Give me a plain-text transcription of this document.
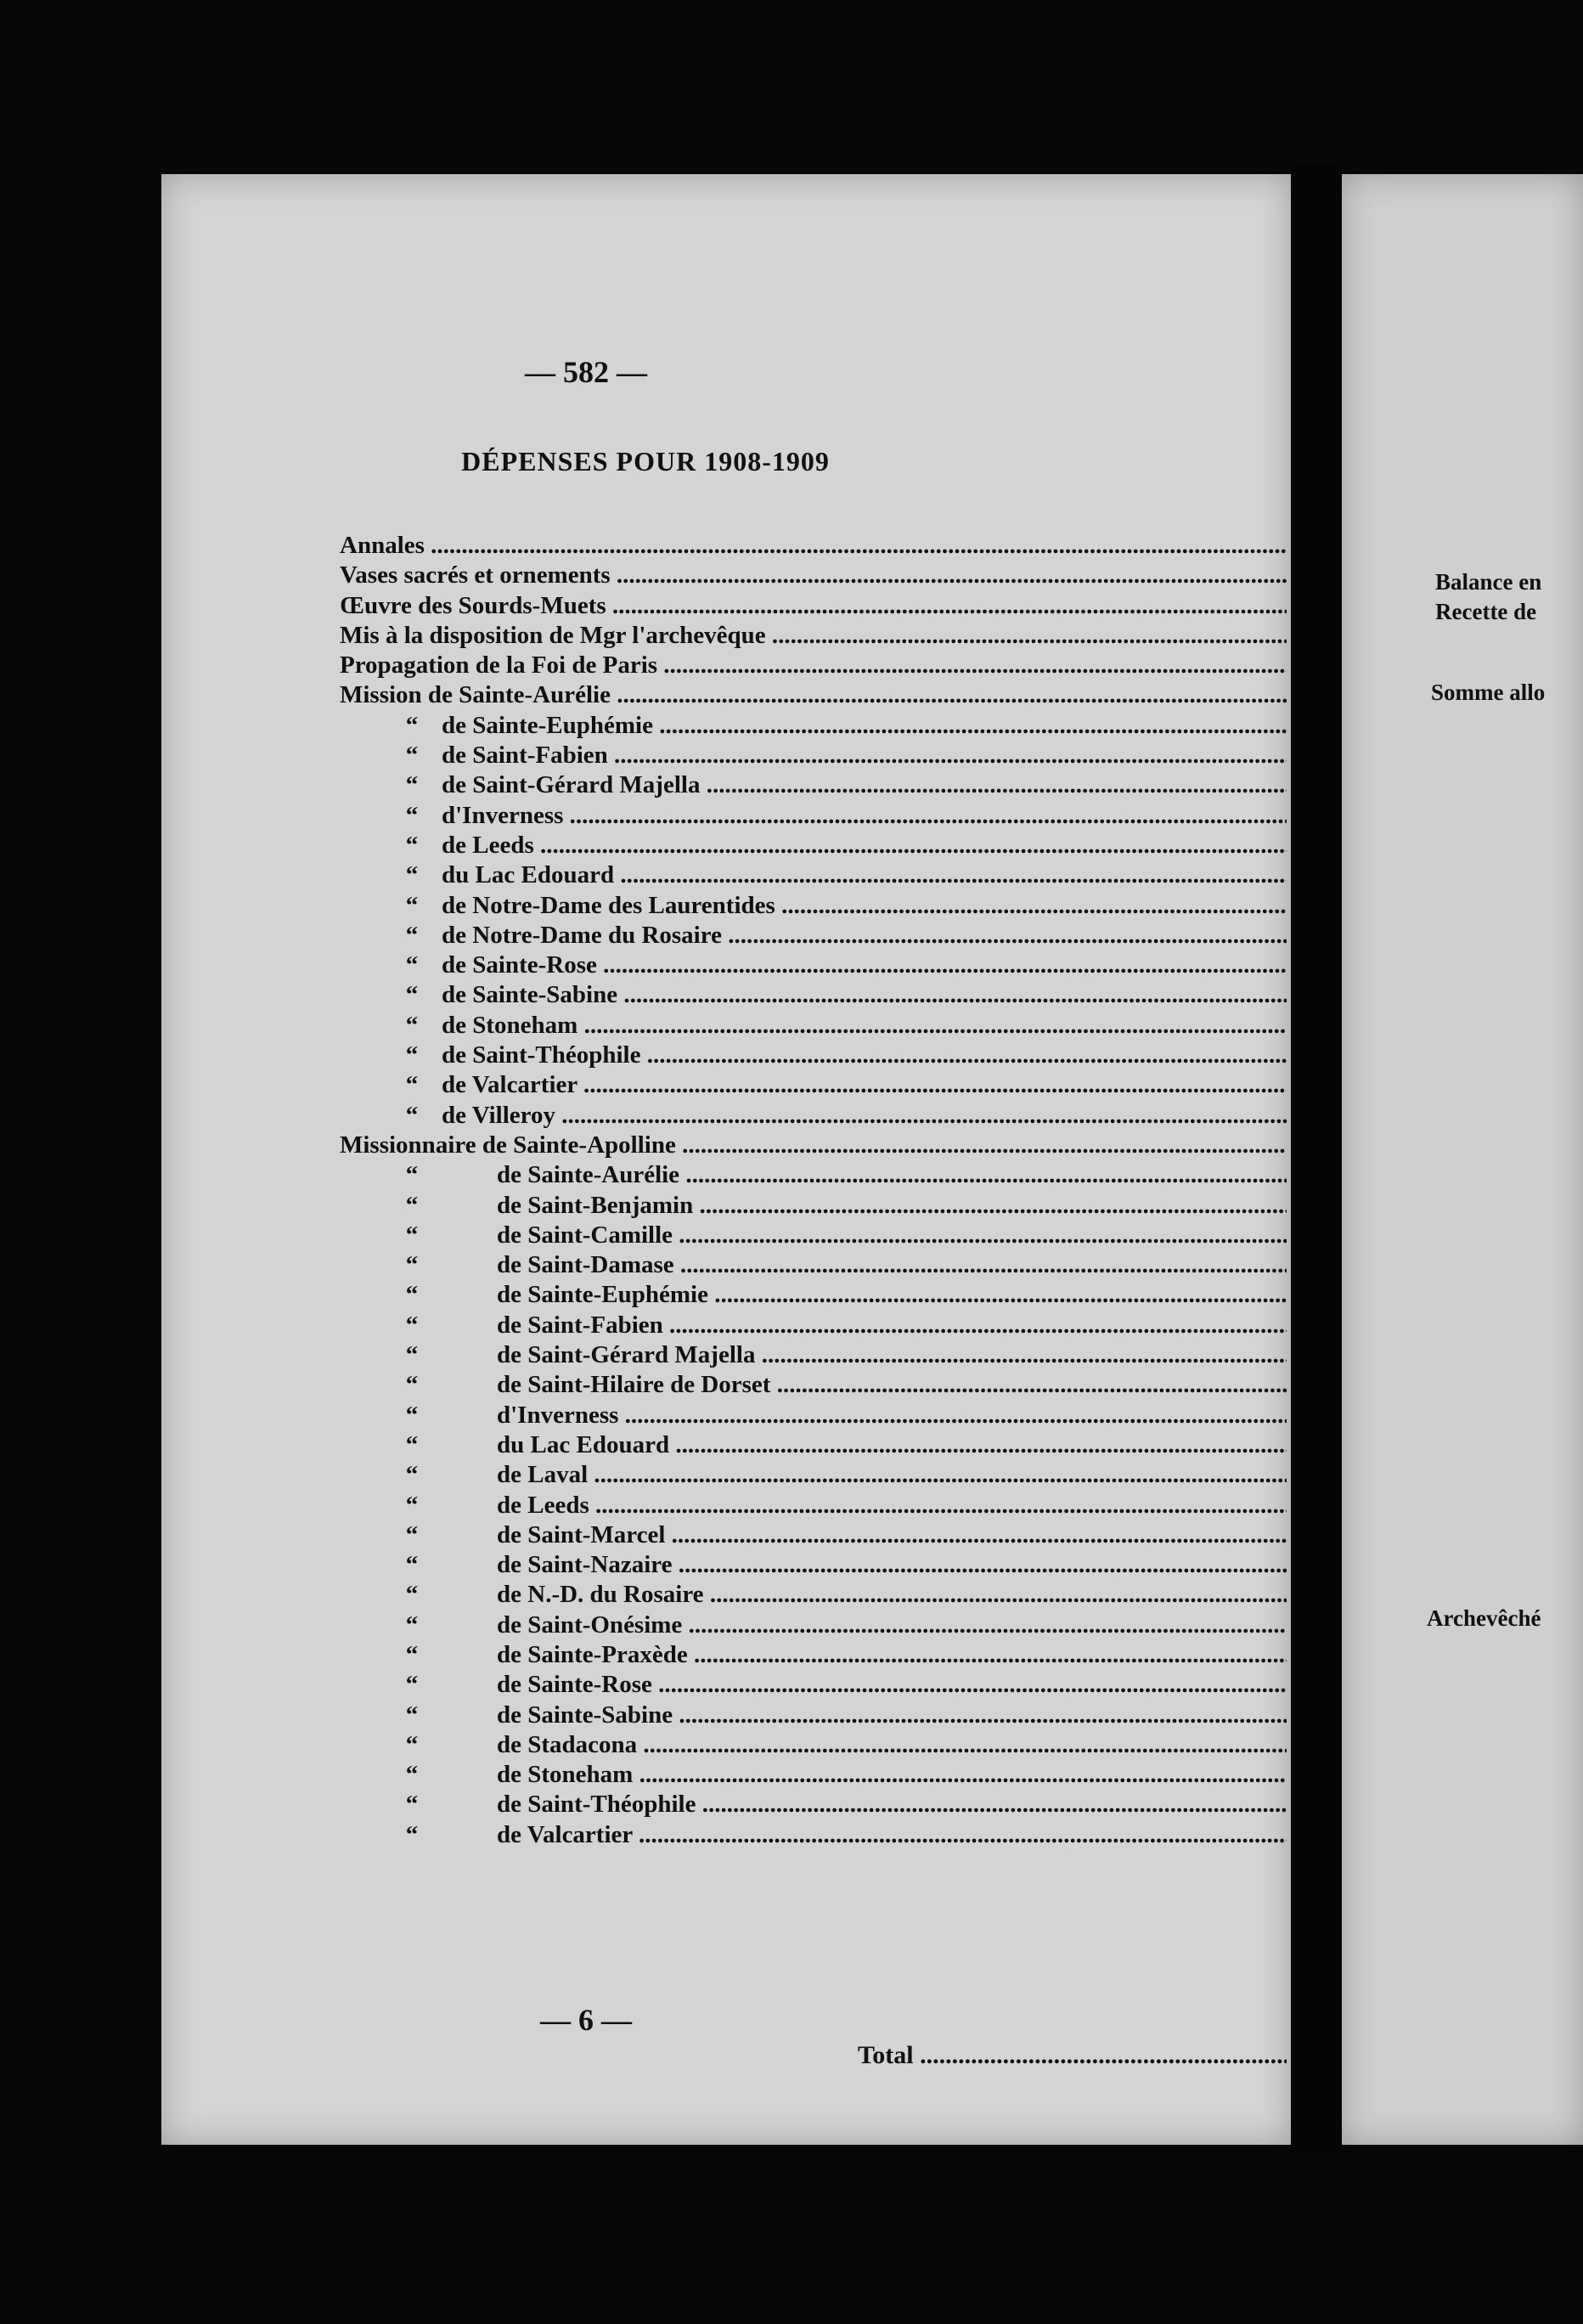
— 582 —
DÉPENSES POUR 1908-1909
Annales .....
Vases sacrés et ornements .....
Œuvre des Sourds-Muets .....
Mis à la disposition de Mgr l'archevêque .....
Propagation de la Foi de Paris .....
Mission de Sainte-Aurélie .....
“ de Sainte-Euphémie .....
“ de Saint-Fabien .....
“ de Saint-Gérard Majella .....
“ d'Inverness .....
“ de Leeds .....
“ du Lac Edouard .....
“ de Notre-Dame des Laurentides .....
“ de Notre-Dame du Rosaire .....
“ de Sainte-Rose .....
“ de Sainte-Sabine .....
“ de Stoneham .....
“ de Saint-Théophile .....
“ de Valcartier .....
“ de Villeroy .....
Missionnaire de Sainte-Apolline .....
“	de Sainte-Aurélie .....
“	de Saint-Benjamin .....
“	de Saint-Camille .....
“	de Saint-Damase .....
“	de Sainte-Euphémie .....
“	de Saint-Fabien .....
“	de Saint-Gérard Majella .....
“	de Saint-Hilaire de Dorset .....
“	d'Inverness .....
“	du Lac Edouard .....
“	de Laval .....
“	de Leeds .....
“	de Saint-Marcel .....
“	de Saint-Nazaire .....
“	de N.-D. du Rosaire .....
“	de Saint-Onésime .....
“	de Sainte-Praxède .....
“	de Sainte-Rose .....
“	de Sainte-Sabine .....
“	de Stadacona .....
“	de Stoneham .....
“	de Saint-Théophile .....
“	de Valcartier .....
Total .....
— 6 —
Balance en
Recette de
Somme allo
Archevêché
